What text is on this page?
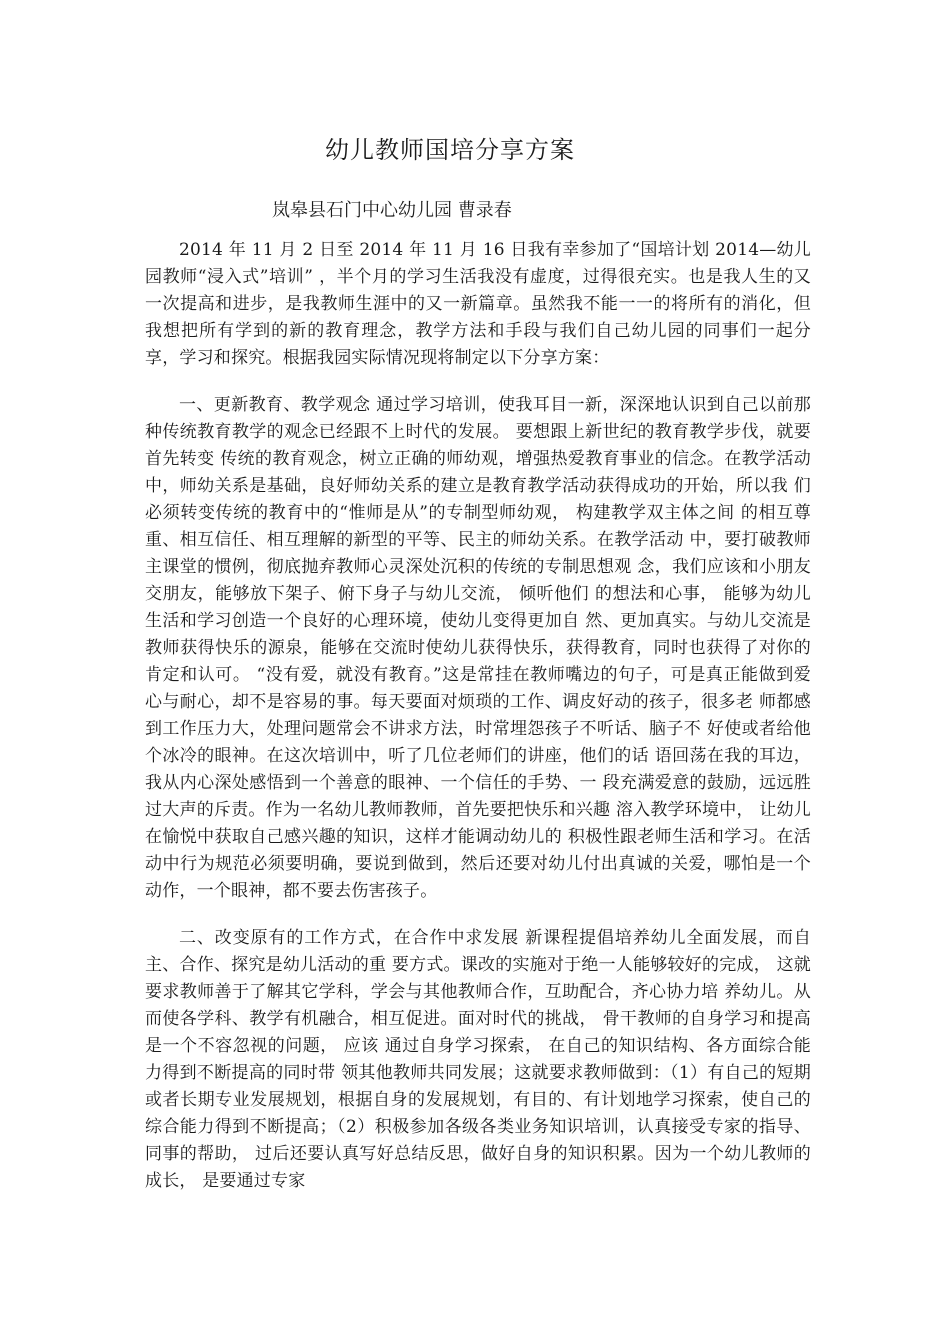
幼儿教师国培分享方案
岚皋县石门中心幼儿园 曹录春

2014 年 11 月 2 日至 2014 年 11 月 16 日我有幸参加了“国培计划 2014—幼儿园教师“浸入式”培训” ，半个月的学习生活我没有虚度，过得很充实。也是我人生的又一次提高和进步，是我教师生涯中的又一新篇章。虽然我不能一一的将所有的消化，但我想把所有学到的新的教育理念，教学方法和手段与我们自己幼儿园的同事们一起分享，学习和探究。根据我园实际情况现将制定以下分享方案：

一、更新教育、教学观念 通过学习培训，使我耳目一新，深深地认识到自己以前那种传统教育教学的观念已经跟不上时代的发展。 要想跟上新世纪的教育教学步伐，就要首先转变 传统的教育观念，树立正确的师幼观，增强热爱教育事业的信念。在教学活动中，师幼关系是基础，良好师幼关系的建立是教育教学活动获得成功的开始，所以我 们必须转变传统的教育中的“惟师是从”的专制型师幼观， 构建教学双主体之间 的相互尊重、相互信任、相互理解的新型的平等、民主的师幼关系。在教学活动 中，要打破教师主课堂的惯例，彻底抛弃教师心灵深处沉积的传统的专制思想观 念，我们应该和小朋友交朋友，能够放下架子、俯下身子与幼儿交流， 倾听他们 的想法和心事， 能够为幼儿生活和学习创造一个良好的心理环境，使幼儿变得更加自 然、更加真实。与幼儿交流是教师获得快乐的源泉，能够在交流时使幼儿获得快乐，获得教育，同时也获得了对你的肯定和认可。 “没有爱，就没有教育。”这是常挂在教师嘴边的句子，可是真正能做到爱 心与耐心，却不是容易的事。每天要面对烦琐的工作、调皮好动的孩子，很多老 师都感到工作压力大，处理问题常会不讲求方法，时常埋怨孩子不听话、脑子不 好使或者给他个冰冷的眼神。在这次培训中，听了几位老师们的讲座，他们的话 语回荡在我的耳边，我从内心深处感悟到一个善意的眼神、一个信任的手势、一 段充满爱意的鼓励，远远胜过大声的斥责。作为一名幼儿教师教师，首先要把快乐和兴趣 溶入教学环境中， 让幼儿在愉悦中获取自己感兴趣的知识，这样才能调动幼儿的 积极性跟老师生活和学习。在活动中行为规范必须要明确，要说到做到，然后还要对幼儿付出真诚的关爱，哪怕是一个动作，一个眼神，都不要去伤害孩子。

二、改变原有的工作方式，在合作中求发展 新课程提倡培养幼儿全面发展，而自主、合作、探究是幼儿活动的重 要方式。课改的实施对于绝一人能够较好的完成， 这就要求教师善于了解其它学科，学会与其他教师合作，互助配合，齐心协力培 养幼儿。从而使各学科、教学有机融合，相互促进。面对时代的挑战， 骨干教师的自身学习和提高是一个不容忽视的问题， 应该 通过自身学习探索， 在自己的知识结构、各方面综合能力得到不断提高的同时带 领其他教师共同发展；这就要求教师做到：（1）有自己的短期或者长期专业发展规划，根据自身的发展规划，有目的、有计划地学习探索，使自己的综合能力得到不断提高；（2）积极参加各级各类业务知识培训，认真接受专家的指导、同事的帮助， 过后还要认真写好总结反思，做好自身的知识积累。因为一个幼儿教师的成长， 是要通过专家
